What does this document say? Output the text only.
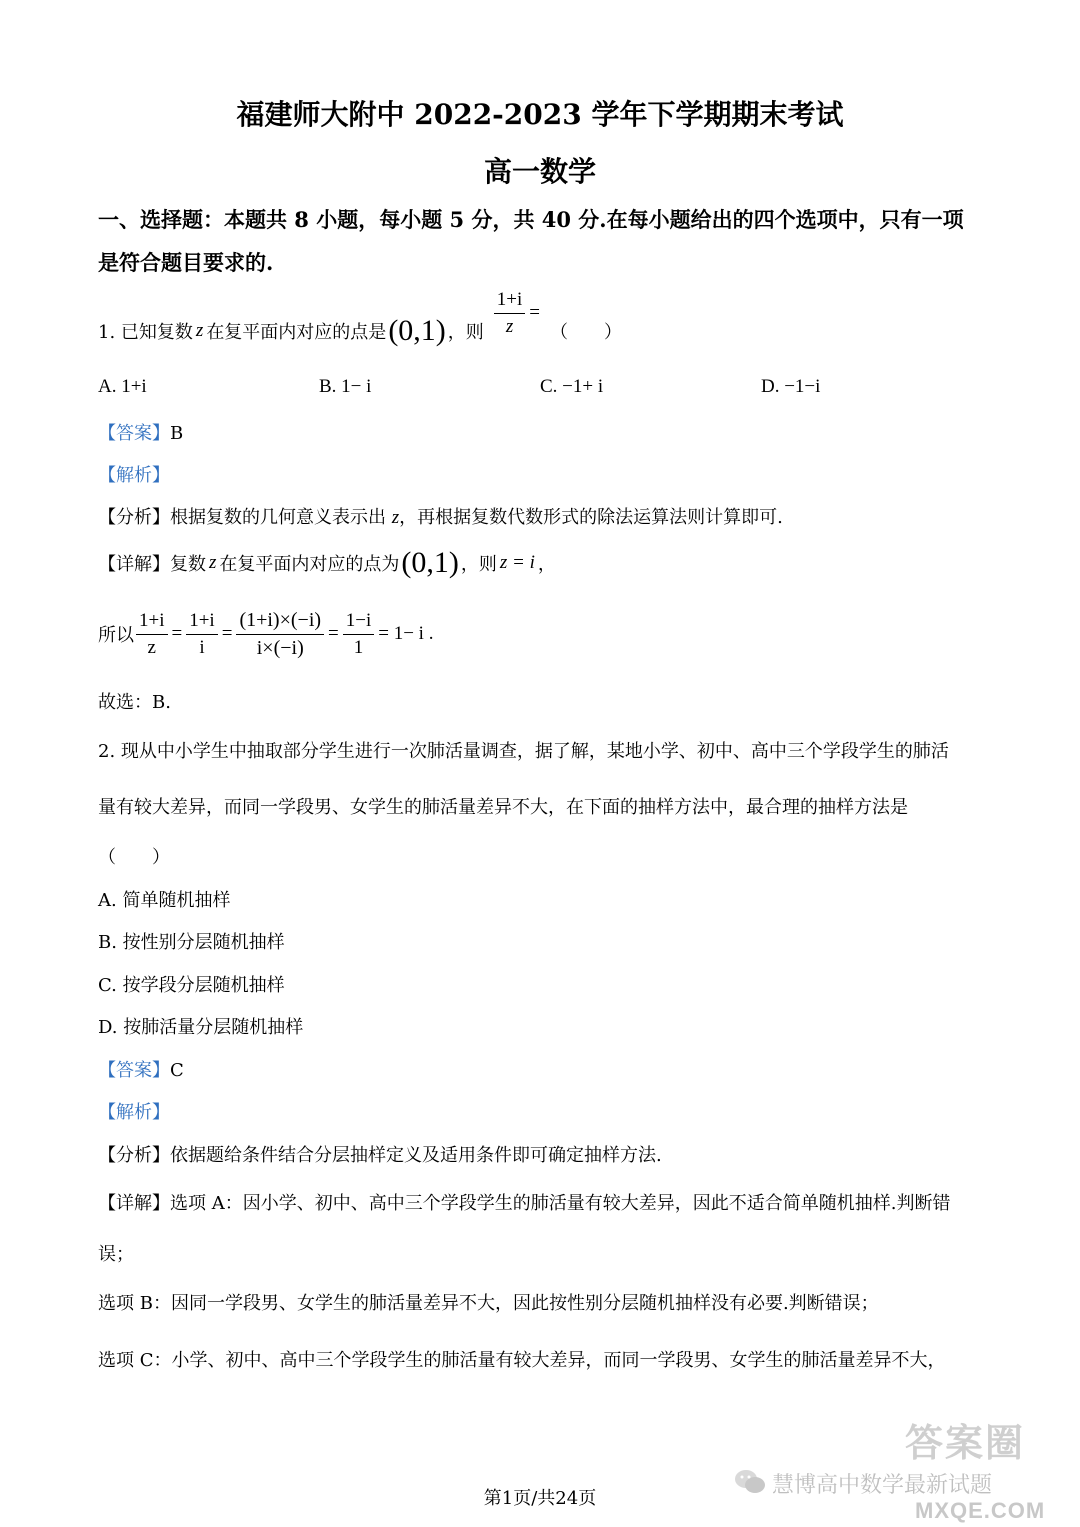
福建师大附中 2022-2023 学年下学期期末考试
高一数学
一、选择题：本题共 8 小题，每小题 5 分，共 40 分.在每小题给出的四个选项中，只有一项
是符合题目要求的.
1. 已知复数 z 在复平面内对应的点是 (0,1) ，则 $\frac{1+i}{z}$ =
（　　）
A. 1+i	B. 1− i	C. −1+ i	D. −1−i
【答案】B
【解析】
【分析】根据复数的几何意义表示出 z，再根据复数代数形式的除法运算法则计算即可.
【详解】 复数 z 在复平面内对应的点为 (0,1) ，则 z = i ，
所以 $\frac{1+i}{z} = \frac{1+i}{i} = \frac{(1+i)\times(-i)}{i\times(-i)} = \frac{1-i}{1} = 1- i$ .
故选：B.
2. 现从中小学生中抽取部分学生进行一次肺活量调查，据了解，某地小学、初中、高中三个学段学生的肺活
量有较大差异，而同一学段男、女学生的肺活量差异不大，在下面的抽样方法中，最合理的抽样方法是
（　　）
A. 简单随机抽样
B. 按性别分层随机抽样
C. 按学段分层随机抽样
D. 按肺活量分层随机抽样
【答案】C
【解析】
【分析】依据题给条件结合分层抽样定义及适用条件即可确定抽样方法.
【详解】选项 A：因小学、初中、高中三个学段学生的肺活量有较大差异，因此不适合简单随机抽样.判断错
误；
选项 B：因同一学段男、女学生的肺活量差异不大，因此按性别分层随机抽样没有必要.判断错误；
选项 C：小学、初中、高中三个学段学生的肺活量有较大差异，而同一学段男、女学生的肺活量差异不大，
第1页/共24页
慧博高中数学最新试题
答案圈
MXQE.COM
